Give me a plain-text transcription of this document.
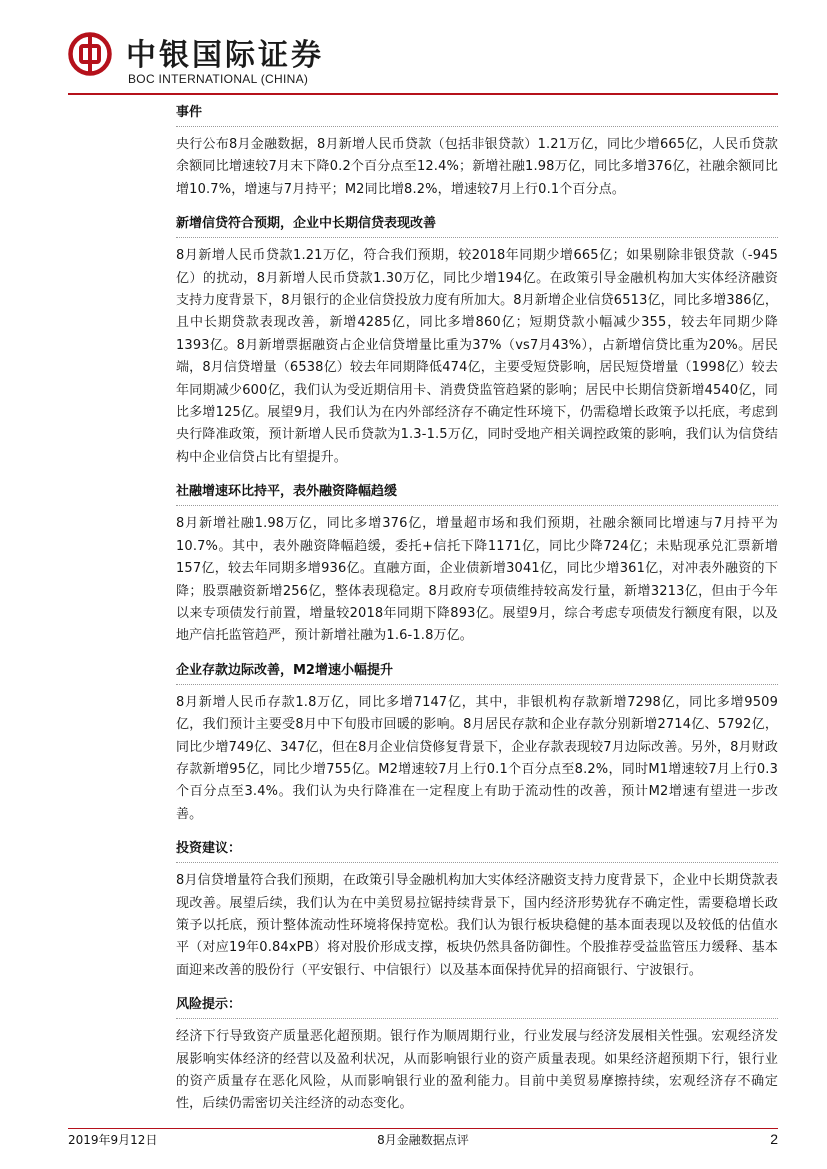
中银国际证券
BOC INTERNATIONAL (CHINA)
事件

央行公布8月金融数据，8月新增人民币贷款（包括非银贷款）1.21万亿，同比少增665亿，人民币贷款余额同比增速较7月末下降0.2个百分点至12.4%；新增社融1.98万亿，同比多增376亿，社融余额同比增10.7%，增速与7月持平；M2同比增8.2%，增速较7月上行0.1个百分点。

新增信贷符合预期，企业中长期信贷表现改善

8月新增人民币贷款1.21万亿，符合我们预期，较2018年同期少增665亿；如果剔除非银贷款（-945亿）的扰动，8月新增人民币贷款1.30万亿，同比少增194亿。在政策引导金融机构加大实体经济融资支持力度背景下，8月银行的企业信贷投放力度有所加大。8月新增企业信贷6513亿，同比多增386亿，且中长期贷款表现改善，新增4285亿，同比多增860亿；短期贷款小幅减少355，较去年同期少降1393亿。8月新增票据融资占企业信贷增量比重为37%（vs7月43%），占新增信贷比重为20%。居民端，8月信贷增量（6538亿）较去年同期降低474亿，主要受短贷影响，居民短贷增量（1998亿）较去年同期减少600亿，我们认为受近期信用卡、消费贷监管趋紧的影响；居民中长期信贷新增4540亿，同比多增125亿。展望9月，我们认为在内外部经济存不确定性环境下，仍需稳增长政策予以托底，考虑到央行降准政策，预计新增人民币贷款为1.3-1.5万亿，同时受地产相关调控政策的影响，我们认为信贷结构中企业信贷占比有望提升。

社融增速环比持平，表外融资降幅趋缓

8月新增社融1.98万亿，同比多增376亿，增量超市场和我们预期，社融余额同比增速与7月持平为10.7%。其中，表外融资降幅趋缓，委托+信托下降1171亿，同比少降724亿；未贴现承兑汇票新增157亿，较去年同期多增936亿。直融方面，企业债新增3041亿，同比少增361亿，对冲表外融资的下降；股票融资新增256亿，整体表现稳定。8月政府专项债维持较高发行量，新增3213亿，但由于今年以来专项债发行前置，增量较2018年同期下降893亿。展望9月，综合考虑专项债发行额度有限，以及地产信托监管趋严，预计新增社融为1.6-1.8万亿。

企业存款边际改善，M2增速小幅提升

8月新增人民币存款1.8万亿，同比多增7147亿，其中，非银机构存款新增7298亿，同比多增9509亿，我们预计主要受8月中下旬股市回暖的影响。8月居民存款和企业存款分别新增2714亿、5792亿，同比少增749亿、347亿，但在8月企业信贷修复背景下，企业存款表现较7月边际改善。另外，8月财政存款新增95亿，同比少增755亿。M2增速较7月上行0.1个百分点至8.2%，同时M1增速较7月上行0.3个百分点至3.4%。我们认为央行降准在一定程度上有助于流动性的改善，预计M2增速有望进一步改善。

投资建议：

8月信贷增量符合我们预期，在政策引导金融机构加大实体经济融资支持力度背景下，企业中长期贷款表现改善。展望后续，我们认为在中美贸易拉锯持续背景下，国内经济形势犹存不确定性，需要稳增长政策予以托底，预计整体流动性环境将保持宽松。我们认为银行板块稳健的基本面表现以及较低的估值水平（对应19年0.84xPB）将对股价形成支撑，板块仍然具备防御性。个股推荐受益监管压力缓释、基本面迎来改善的股份行（平安银行、中信银行）以及基本面保持优异的招商银行、宁波银行。

风险提示：

经济下行导致资产质量恶化超预期。银行作为顺周期行业，行业发展与经济发展相关性强。宏观经济发展影响实体经济的经营以及盈利状况，从而影响银行业的资产质量表现。如果经济超预期下行，银行业的资产质量存在恶化风险，从而影响银行业的盈利能力。目前中美贸易摩擦持续，宏观经济存不确定性，后续仍需密切关注经济的动态变化。

2019年9月12日	8月金融数据点评	2
